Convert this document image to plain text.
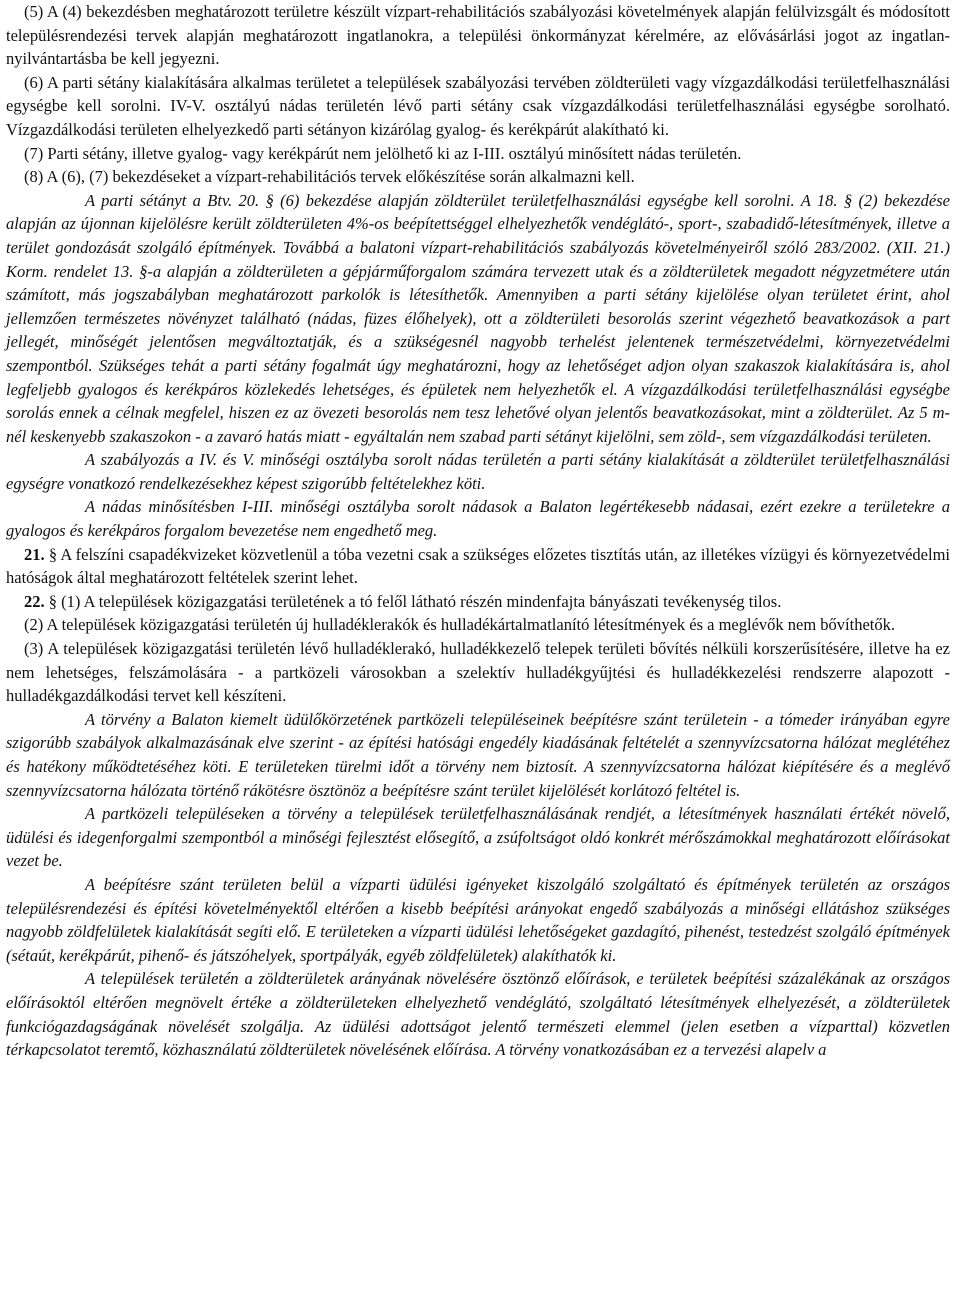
(5) A (4) bekezdésben meghatározott területre készült vízpart-rehabilitációs szabályozási követelmények alapján felülvizsgált és módosított településrendezési tervek alapján meghatározott ingatlanokra, a települési önkormányzat kérelmére, az elővásárlási jogot az ingatlan-nyilvántartásba be kell jegyezni.

(6) A parti sétány kialakítására alkalmas területet a települések szabályozási tervében zöldterületi vagy vízgazdálkodási területfelhasználási egységbe kell sorolni. IV-V. osztályú nádas területén lévő parti sétány csak vízgazdálkodási területfelhasználási egységbe sorolható. Vízgazdálkodási területen elhelyezkedő parti sétányon kizárólag gyalog- és kerékpárút alakítható ki.

(7) Parti sétány, illetve gyalog- vagy kerékpárút nem jelölhető ki az I-III. osztályú minősített nádas területén.

(8) A (6), (7) bekezdéseket a vízpart-rehabilitációs tervek előkészítése során alkalmazni kell.

A parti sétányt a Btv. 20. § (6) bekezdése alapján zöldterület területfelhasználási egységbe kell sorolni. A 18. § (2) bekezdése alapján az újonnan kijelölésre került zöldterületen 4%-os beépítettséggel elhelyezhetők vendéglátó-, sport-, szabadidő-létesítmények, illetve a terület gondozását szolgáló építmények. Továbbá a balatoni vízpart-rehabilitációs szabályozás követelményeiről szóló 283/2002. (XII. 21.) Korm. rendelet 13. §-a alapján a zöldterületen a gépjárműforgalom számára tervezett utak és a zöldterületek megadott négyzetmétere után számított, más jogszabályban meghatározott parkolók is létesíthetők. Amennyiben a parti sétány kijelölése olyan területet érint, ahol jellemzően természetes növényzet található (nádas, füzes élőhelyek), ott a zöldterületi besorolás szerint végezhető beavatkozások a part jellegét, minőségét jelentősen megváltoztatják, és a szükségesnél nagyobb terhelést jelentenek természetvédelmi, környezetvédelmi szempontból. Szükséges tehát a parti sétány fogalmát úgy meghatározni, hogy az lehetőséget adjon olyan szakaszok kialakítására is, ahol legfeljebb gyalogos és kerékpáros közlekedés lehetséges, és épületek nem helyezhetők el. A vízgazdálkodási területfelhasználási egységbe sorolás ennek a célnak megfelel, hiszen ez az övezeti besorolás nem tesz lehetővé olyan jelentős beavatkozásokat, mint a zöldterület. Az 5 m-nél keskenyebb szakaszokon - a zavaró hatás miatt - egyáltalán nem szabad parti sétányt kijelölni, sem zöld-, sem vízgazdálkodási területen.

A szabályozás a IV. és V. minőségi osztályba sorolt nádas területén a parti sétány kialakítását a zöldterület területfelhasználási egységre vonatkozó rendelkezésekhez képest szigorúbb feltételekhez köti.

A nádas minősítésben I-III. minőségi osztályba sorolt nádasok a Balaton legértékesebb nádasai, ezért ezekre a területekre a gyalogos és kerékpáros forgalom bevezetése nem engedhető meg.

21. § A felszíni csapadékvizeket közvetlenül a tóba vezetni csak a szükséges előzetes tisztítás után, az illetékes vízügyi és környezetvédelmi hatóságok által meghatározott feltételek szerint lehet.

22. § (1) A települések közigazgatási területének a tó felől látható részén mindenfajta bányászati tevékenység tilos.

(2) A települések közigazgatási területén új hulladéklerakók és hulladékártalmatlanító létesítmények és a meglévők nem bővíthetők.

(3) A települések közigazgatási területén lévő hulladéklerakó, hulladékkezelő telepek területi bővítés nélküli korszerűsítésére, illetve ha ez nem lehetséges, felszámolására - a partközeli városokban a szelektív hulladékgyűjtési és hulladékkezelési rendszerre alapozott - hulladékgazdálkodási tervet kell készíteni.

A törvény a Balaton kiemelt üdülőkörzetének partközeli településeinek beépítésre szánt területein - a tómeder irányában egyre szigorúbb szabályok alkalmazásának elve szerint - az építési hatósági engedély kiadásának feltételét a szennyvízcsatorna hálózat meglétéhez és hatékony működtetéséhez köti. E területeken türelmi időt a törvény nem biztosít. A szennyvízcsatorna hálózat kiépítésére és a meglévő szennyvízcsatorna hálózata történő rákötésre ösztönöz a beépítésre szánt terület kijelölését korlátozó feltétel is.

A partközeli településeken a törvény a települések területfelhasználásának rendjét, a létesítmények használati értékét növelő, üdülési és idegenforgalmi szempontból a minőségi fejlesztést elősegítő, a zsúfoltságot oldó konkrét mérőszámokkal meghatározott előírásokat vezet be.

A beépítésre szánt területen belül a vízparti üdülési igényeket kiszolgáló szolgáltató és építmények területén az országos településrendezési és építési követelményektől eltérően a kisebb beépítési arányokat engedő szabályozás a minőségi ellátáshoz szükséges nagyobb zöldfelületek kialakítását segíti elő. E területeken a vízparti üdülési lehetőségeket gazdagító, pihenést, testedzést szolgáló építmények (sétaút, kerékpárút, pihenő- és játszóhelyek, sportpályák, egyéb zöldfelületek) alakíthatók ki.

A települések területén a zöldterületek arányának növelésére ösztönző előírások, e területek beépítési százalékának az országos előírásoktól eltérően megnövelt értéke a zöldterületeken elhelyezhető vendéglátó, szolgáltató létesítmények elhelyezését, a zöldterületek funkciógazdagságának növelését szolgálja. Az üdülési adottságot jelentő természeti elemmel (jelen esetben a vízparttal) közvetlen térkapcsolatot teremtő, közhasználatú zöldterületek növelésének előírása. A törvény vonatkozásában ez a tervezési alapelv a
